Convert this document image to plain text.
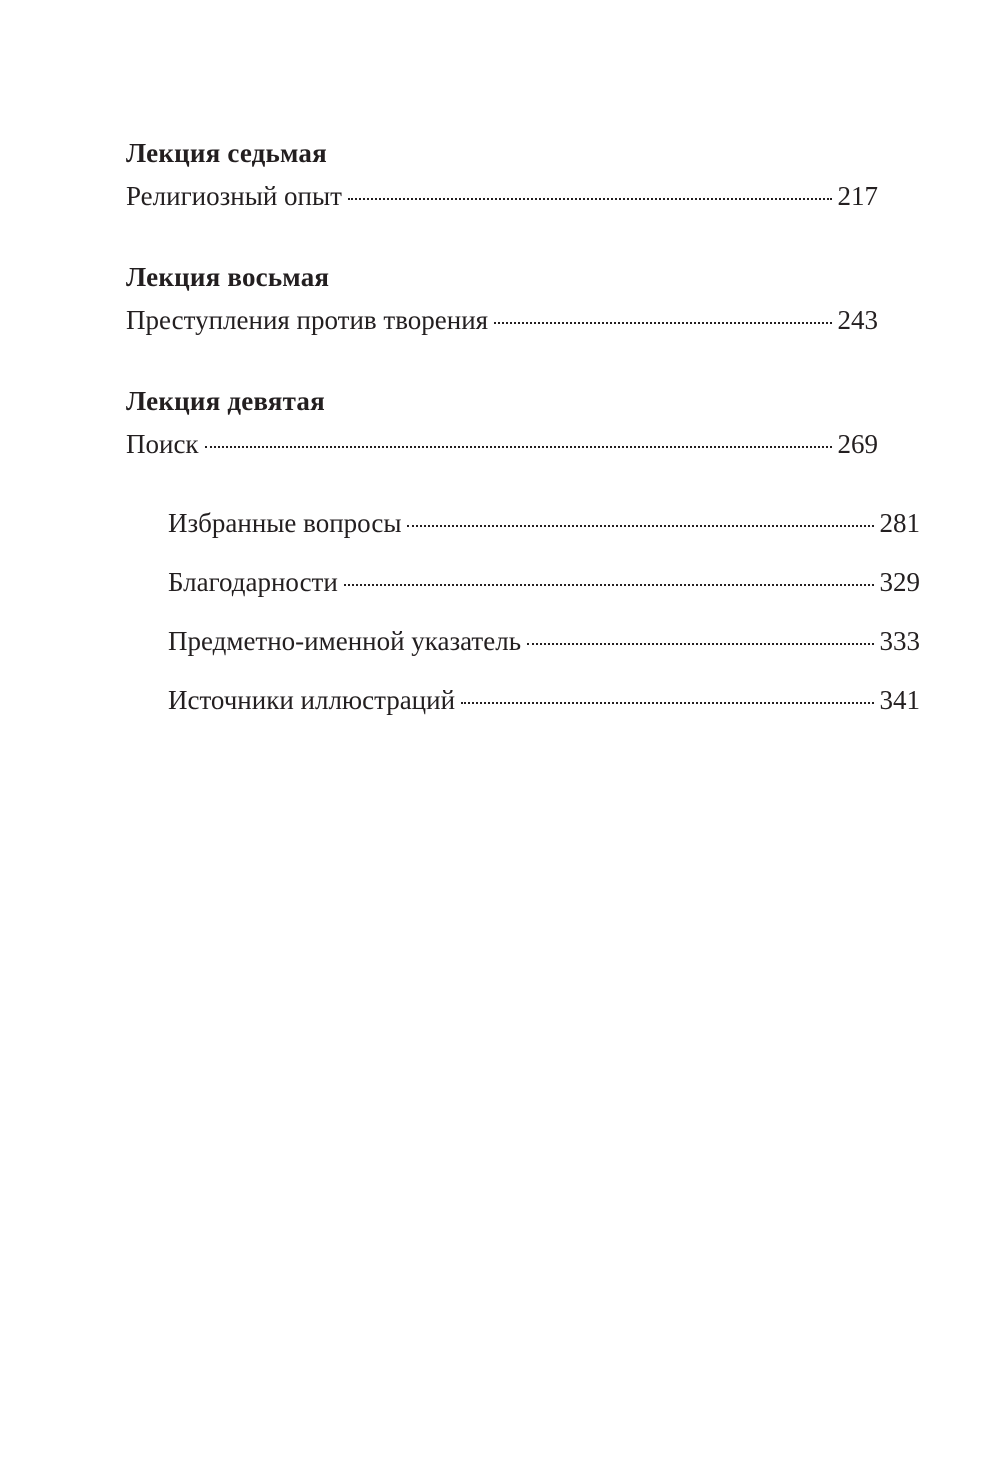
Лекция седьмая
Религиозный опыт	217
Лекция восьмая
Преступления против творения	243
Лекция девятая
Поиск	269
Избранные вопросы	281
Благодарности	329
Предметно-именной указатель	333
Источники иллюстраций	341
